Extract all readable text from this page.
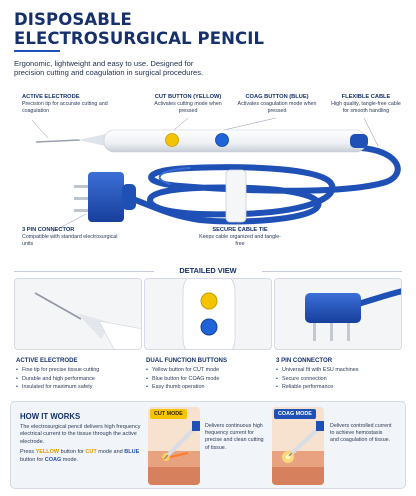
DISPOSABLE
ELECTROSURGICAL PENCIL
Ergonomic, lightweight and easy to use. Designed for precision cutting and coagulation in surgical procedures.
ACTIVE ELECTRODE
Precision tip for accurate cutting and coagulation
CUT BUTTON (YELLOW)
Activates cutting mode when pressed
COAG BUTTON (BLUE)
Activates coagulation mode when pressed
FLEXIBLE CABLE
High quality, tangle-free cable for smooth handling
3 PIN CONNECTOR
Compatible with standard electrosurgical units
SECURE CABLE TIE
Keeps cable organized and tangle-free
DETAILED VIEW
ACTIVE ELECTRODE
• Fine tip for precise tissue cutting
• Durable and high performance
• Insulated for maximum safety
DUAL FUNCTION BUTTONS
• Yellow button for CUT mode
• Blue button for COAG mode
• Easy thumb operation
3 PIN CONNECTOR
• Universal fit with ESU machines
• Secure connection
• Reliable performance
HOW IT WORKS

The electrosurgical pencil delivers high frequency electrical current to the tissue through the active electrode.

Press YELLOW button for CUT mode and BLUE button for COAG mode.

CUT MODE
Delivers continuous high frequency current for precise and clean cutting of tissue.
COAG MODE
Delivers controlled current to achieve hemostasis and coagulation of tissue.
